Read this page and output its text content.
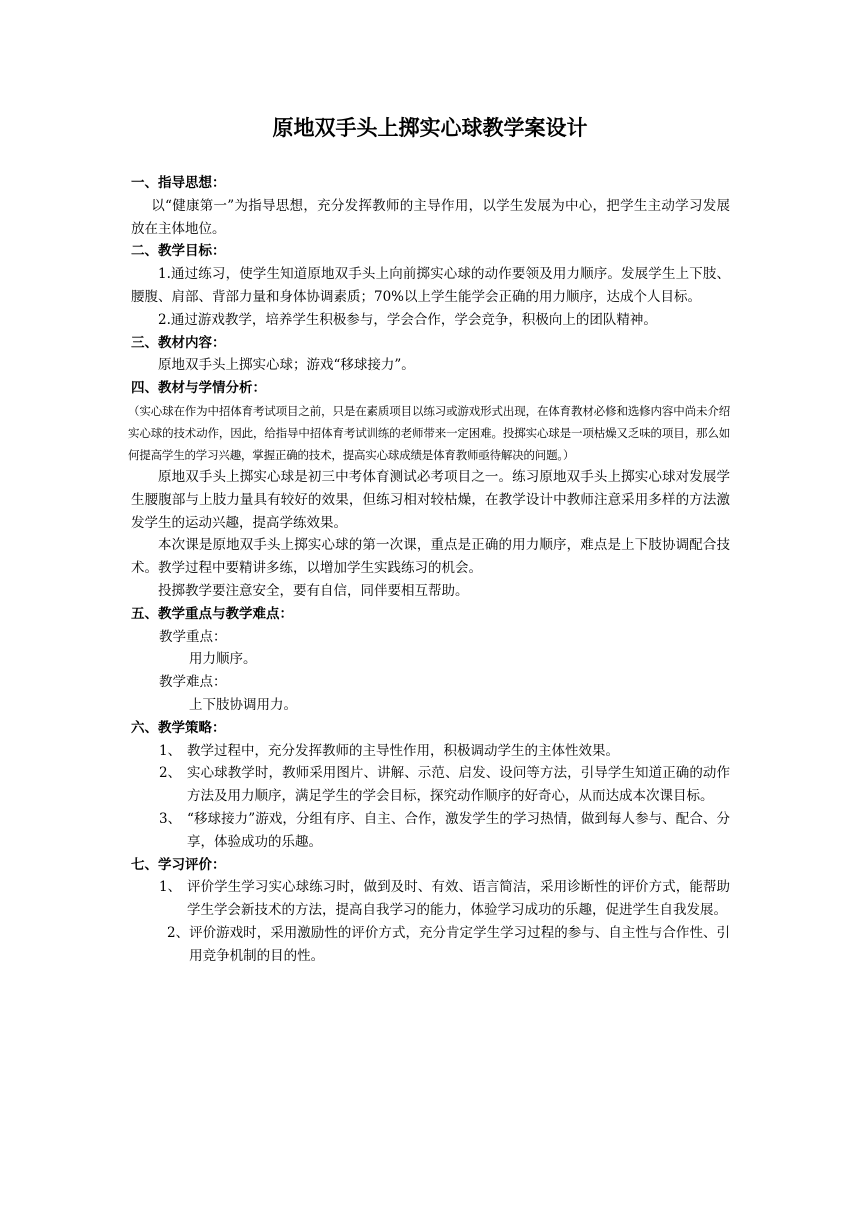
原地双手头上掷实心球教学案设计
一、指导思想：
以“健康第一”为指导思想，充分发挥教师的主导作用，以学生发展为中心，把学生主动学习发展放在主体地位。
二、教学目标：
1.通过练习，使学生知道原地双手头上向前掷实心球的动作要领及用力顺序。发展学生上下肢、腰腹、肩部、背部力量和身体协调素质；70%以上学生能学会正确的用力顺序，达成个人目标。
2.通过游戏教学，培养学生积极参与，学会合作，学会竞争，积极向上的团队精神。
三、教材内容：
原地双手头上掷实心球；游戏“移球接力”。
四、教材与学情分析：
（实心球在作为中招体育考试项目之前，只是在素质项目以练习或游戏形式出现，在体育教材必修和选修内容中尚未介绍实心球的技术动作，因此，给指导中招体育考试训练的老师带来一定困难。投掷实心球是一项枯燥又乏味的项目，那么如何提高学生的学习兴趣，掌握正确的技术，提高实心球成绩是体育教师亟待解决的问题。）
原地双手头上掷实心球是初三中考体育测试必考项目之一。练习原地双手头上掷实心球对发展学生腰腹部与上肢力量具有较好的效果，但练习相对较枯燥，在教学设计中教师注意采用多样的方法激发学生的运动兴趣，提高学练效果。
本次课是原地双手头上掷实心球的第一次课，重点是正确的用力顺序，难点是上下肢协调配合技术。教学过程中要精讲多练，以增加学生实践练习的机会。
投掷教学要注意安全，要有自信，同伴要相互帮助。
五、教学重点与教学难点：
教学重点：
用力顺序。
教学难点：
上下肢协调用力。
六、教学策略：
1、 教学过程中，充分发挥教师的主导性作用，积极调动学生的主体性效果。
2、 实心球教学时，教师采用图片、讲解、示范、启发、设问等方法，引导学生知道正确的动作方法及用力顺序，满足学生的学会目标，探究动作顺序的好奇心，从而达成本次课目标。
3、 “移球接力”游戏，分组有序、自主、合作，激发学生的学习热情，做到每人参与、配合、分享，体验成功的乐趣。
七、学习评价：
1、 评价学生学习实心球练习时，做到及时、有效、语言简洁，采用诊断性的评价方式，能帮助学生学会新技术的方法，提高自我学习的能力，体验学习成功的乐趣，促进学生自我发展。
2、 评价游戏时，采用激励性的评价方式，充分肯定学生学习过程的参与、自主性与合作性、引用竞争机制的目的性。
